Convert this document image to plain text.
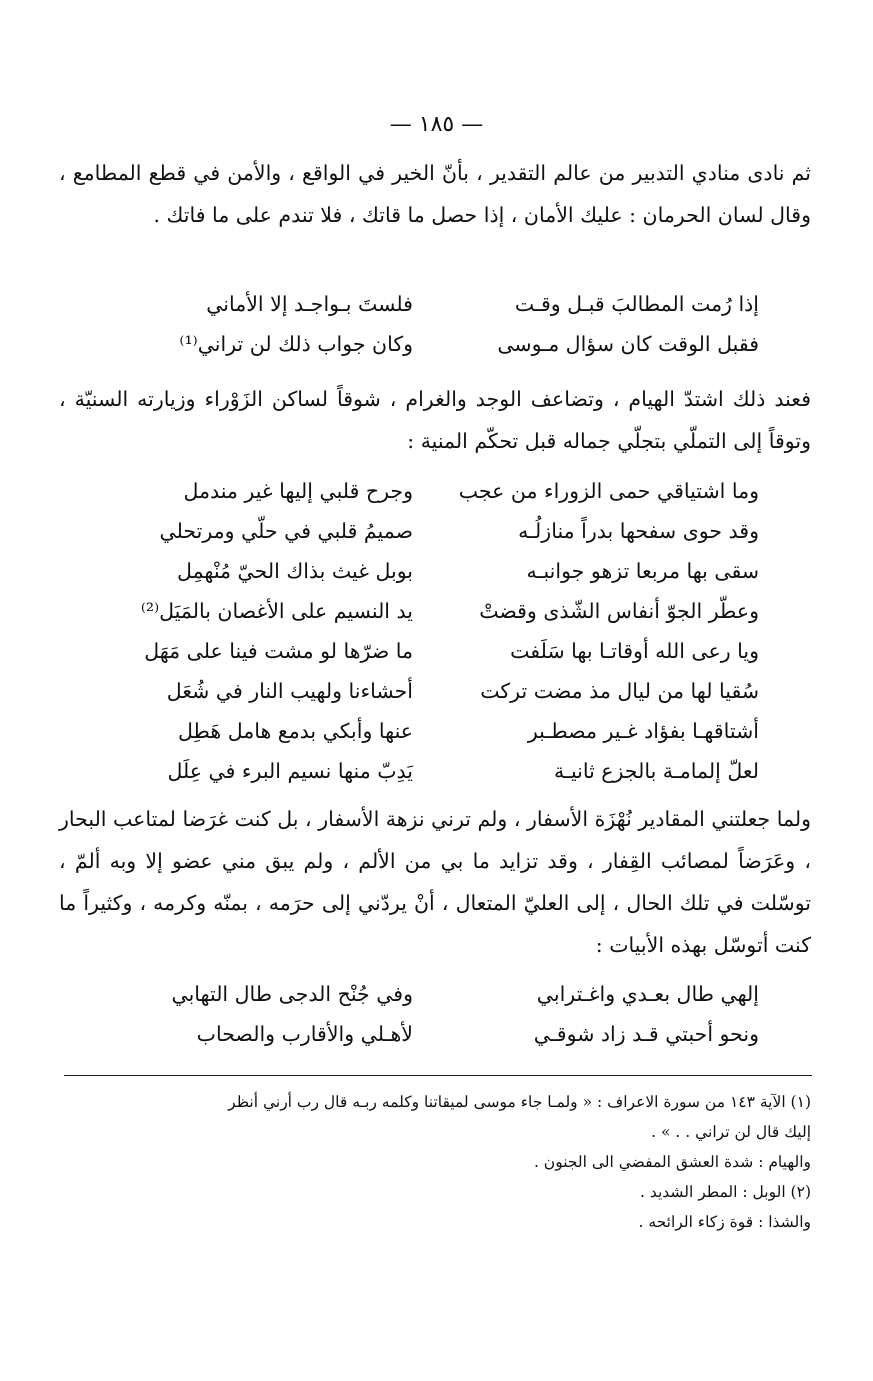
— ١٨٥ —
ثم نادى منادي التدبير من عالم التقدير ، بأنّ الخير في الواقع ، والأمن في قطع المطامع ، وقال لسان الحرمان : عليك الأمان ، إذا حصل ما قاتك ، فلا تندم على ما فاتك .
إذا رُمت المطالبَ قبـل وقـت
فلستَ بـواجـد إلا الأماني
فقبل الوقت كان سؤال مـوسى
وكان جواب ذلك لن تراني⁽¹⁾
فعند ذلك اشتدّ الهيام ، وتضاعف الوجد والغرام ، شوقاً لساكن الزَوْراء وزيارته السنيّة ، وتوقاً إلى التملّي بتجلّي جماله قبل تحكّم المنية :
وما اشتياقي حمى الزوراء من عجب
وجرح قلبي إليها غير مندمل
وقد حوى سفحها بدراً منازلُـه
صميمُ قلبي في حلّي ومرتحلي
سقى بها مربعا تزهو جوانبـه
بوبل غيث بذاك الحيّ مُنْهمِل
وعطّر الجوّ أنفاس الشّذى وقضتْ
يد النسيم على الأغصان بالمَيَل⁽²⁾
ويا رعى الله أوقاتـا بها سَلَفت
ما ضرّها لو مشت فينا على مَهَل
سُقيا لها من ليال مذ مضت تركت
أحشاءنا ولهيب النار في شُعَل
أشتاقهـا بفؤاد غـير مصطـبر
عنها وأبكي بدمع هامل هَطِل
لعلّ إلمامـة بالجزع ثانيـة
يَدِبّ منها نسيم البرء في عِلَل
ولما جعلتني المقادير نُهْزَة الأسفار ، ولم ترني نزهة الأسفار ، بل كنت غرَضا لمتاعب البحار ، وعَرَضاً لمصائب القِفار ، وقد تزايد ما بي من الألم ، ولم يبق مني عضو إلا وبه ألمّ ، توسّلت في تلك الحال ، إلى العليّ المتعال ، أنْ يردّني إلى حرَمه ، بمنّه وكرمه ، وكثيراً ما كنت أتوسّل بهذه الأبيات :
إلهي طال بعـدي واغـترابي
وفي جُنْح الدجى طال التهابي
ونحو أحبتي قـد زاد شوقـي
لأهـلي والأقارب والصحاب
(١) الآية ١٤٣ من سورة الاعراف : « ولمـا جاء موسى لميقاتنا وكلمه ربـه قال رب أرني أنظر
إليك قال لن تراني . . » .
والهيام : شدة العشق المفضي الى الجنون .
(٢) الوبل : المطر الشديد .
والشذا : قوة زكاء الرائحه .
